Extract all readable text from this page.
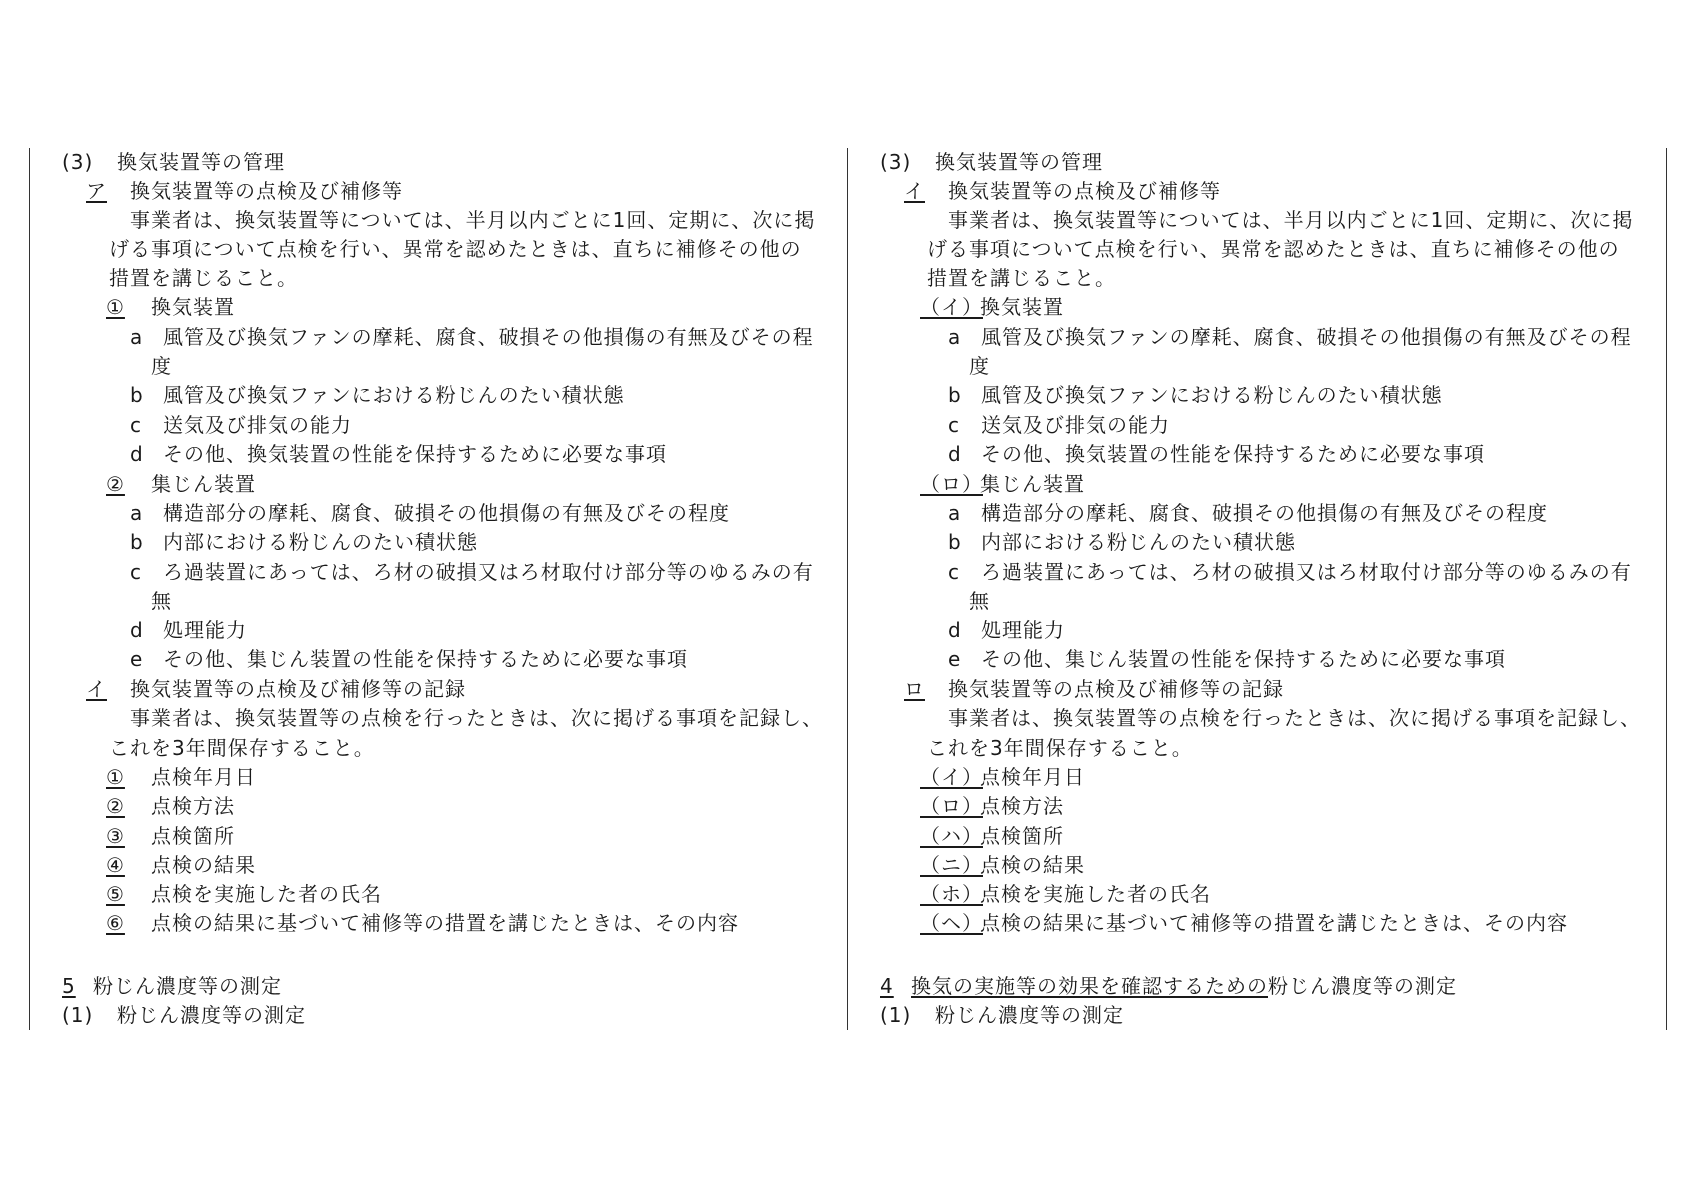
(3) 換気装置等の管理
ア 換気装置等の点検及び補修等
事業者は、換気装置等については、半月以内ごとに1回、定期に、次に掲
げる事項について点検を行い、異常を認めたときは、直ちに補修その他の
措置を講じること。
① 換気装置
a 風管及び換気ファンの摩耗、腐食、破損その他損傷の有無及びその程
度
b 風管及び換気ファンにおける粉じんのたい積状態
c 送気及び排気の能力
d その他、換気装置の性能を保持するために必要な事項
② 集じん装置
a 構造部分の摩耗、腐食、破損その他損傷の有無及びその程度
b 内部における粉じんのたい積状態
c ろ過装置にあっては、ろ材の破損又はろ材取付け部分等のゆるみの有
無
d 処理能力
e その他、集じん装置の性能を保持するために必要な事項
イ 換気装置等の点検及び補修等の記録
事業者は、換気装置等の点検を行ったときは、次に掲げる事項を記録し、
これを3年間保存すること。
① 点検年月日
② 点検方法
③ 点検箇所
④ 点検の結果
⑤ 点検を実施した者の氏名
⑥ 点検の結果に基づいて補修等の措置を講じたときは、その内容
5 粉じん濃度等の測定
(1) 粉じん濃度等の測定
(3) 換気装置等の管理
イ 換気装置等の点検及び補修等
事業者は、換気装置等については、半月以内ごとに1回、定期に、次に掲
げる事項について点検を行い、異常を認めたときは、直ちに補修その他の
措置を講じること。
（イ）
換気装置
a 風管及び換気ファンの摩耗、腐食、破損その他損傷の有無及びその程
度
b 風管及び換気ファンにおける粉じんのたい積状態
c 送気及び排気の能力
d その他、換気装置の性能を保持するために必要な事項
（ロ）
集じん装置
a 構造部分の摩耗、腐食、破損その他損傷の有無及びその程度
b 内部における粉じんのたい積状態
c ろ過装置にあっては、ろ材の破損又はろ材取付け部分等のゆるみの有
無
d 処理能力
e その他、集じん装置の性能を保持するために必要な事項
ロ 換気装置等の点検及び補修等の記録
事業者は、換気装置等の点検を行ったときは、次に掲げる事項を記録し、
これを3年間保存すること。
（イ）
点検年月日
（ロ）
点検方法
（ハ）
点検箇所
（ニ）
点検の結果
（ホ）
点検を実施した者の氏名
（ヘ）
点検の結果に基づいて補修等の措置を講じたときは、その内容
4 換気の実施等の効果を確認するための粉じん濃度等の測定
(1) 粉じん濃度等の測定
